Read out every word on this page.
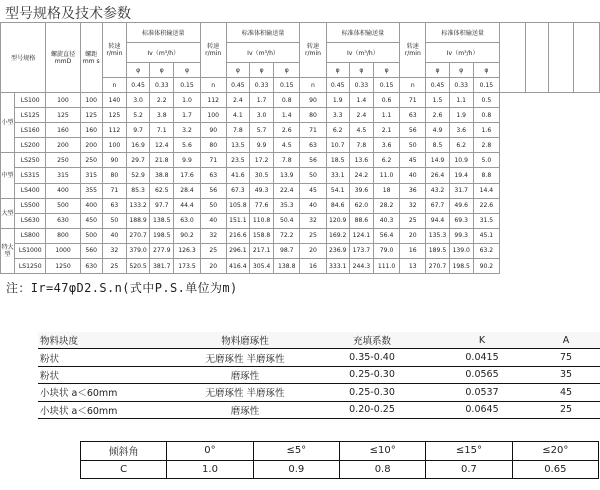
型号规格及技术参数
型号规格		螺旋直径mmD	螺距mm s	转速r/min	标准体积输送量			转速r/min	标准体积输送量			转速r/min	标准体积输送量			转速r/min	标准体积输送量						
					Iv（m³/h）				Iv（m³/h）				Iv（m³/h）				Iv（m³/h）						
					φ	φ	φ		φ	φ	φ		φ	φ	φ		φ	φ	φ				
				n	0.45	0.33	0.15	n	0.45	0.33	0.15	n	0.45	0.33	0.15	n	0.45	0.33	0.15				
小型	LS100	100	100	140	3.0	2.2	1.0	112	2.4	1.7	0.8	90	1.9	1.4	0.6	71	1.5	1.1	0.5				
	LS125	125	125	125	5.2	3.8	1.7	100	4.1	3.0	1.4	80	3.3	2.4	1.1	63	2.6	1.9	0.8				
	LS160	160	160	112	9.7	7.1	3.2	90	7.8	5.7	2.6	71	6.2	4.5	2.1	56	4.9	3.6	1.6				
	LS200	200	200	100	16.9	12.4	5.6	80	13.5	9.9	4.5	63	10.7	7.8	3.6	50	8.5	6.2	2.8				
中型	LS250	250	250	90	29.7	21.8	9.9	71	23.5	17.2	7.8	56	18.5	13.6	6.2	45	14.9	10.9	5.0				
	LS315	315	315	80	52.9	38.8	17.6	63	41.6	30.5	13.9	50	33.1	24.2	11.0	40	26.4	19.4	8.8				
	LS400	400	355	71	85.3	62.5	28.4	56	67.3	49.3	22.4	45	54.1	39.6	18	36	43.2	31.7	14.4				
大型	LS500	500	400	63	133.2	97.7	44.4	50	105.8	77.6	35.3	40	84.6	62.0	28.2	32	67.7	49.6	22.6				
	LS630	630	450	50	188.9	138.5	63.0	40	151.1	110.8	50.4	32	120.9	88.6	40.3	25	94.4	69.3	31.5				
特大型	LS800	800	500	40	270.7	198.5	90.2	32	216.6	158.8	72.2	25	169.2	124.1	56.4	20	135.3	99.3	45.1				
	LS1000	1000	560	32	379.0	277.9	126.3	25	296.1	217.1	98.7	20	236.9	173.7	79.0	16	189.5	139.0	63.2				
	LS1250	1250	630	25	520.5	381.7	173.5	20	416.4	305.4	138.8	16	333.1	244.3	111.0	13	270.7	198.5	90.2				
注：Ir=47φD2.S.n(式中P.S.单位为m)
物料块度	物料磨琢性	充填系数	K	A
粉状	无磨琢性 半磨琢性	0.35-0.40	0.0415	75
粉状	磨琢性	0.25-0.30	0.0565	35
小块状 a＜60mm	无磨琢性 半磨琢性	0.25-0.30	0.0537	45
小块状 a＜60mm	磨琢性	0.20-0.25	0.0645	25
倾斜角	0°	≤5°	≤10°	≤15°	≤20°
C	1.0	0.9	0.8	0.7	0.65
